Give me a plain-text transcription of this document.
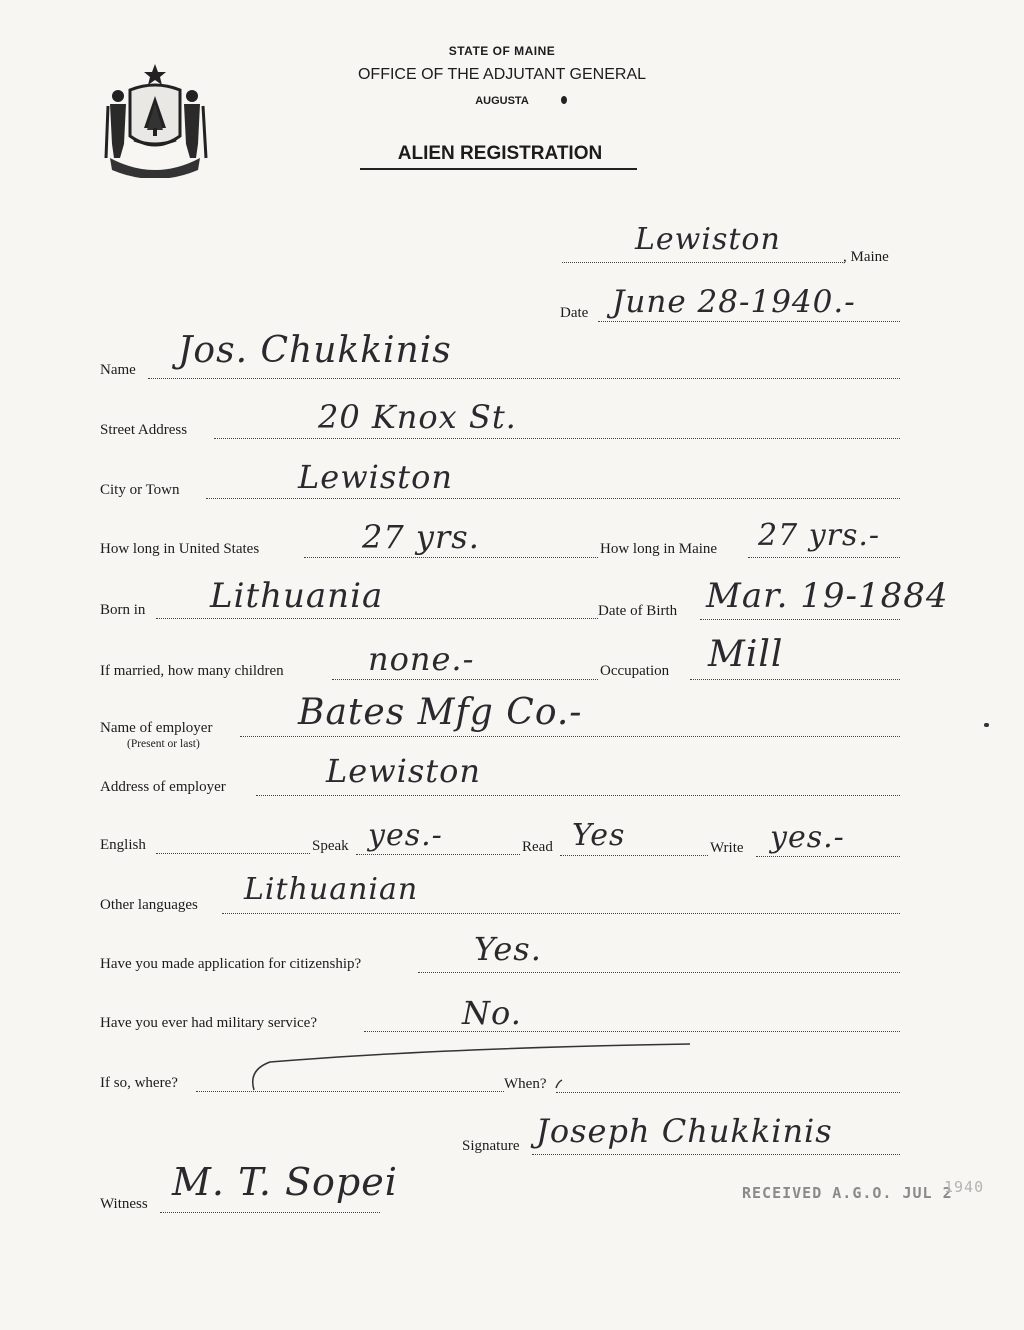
STATE OF MAINE
OFFICE OF THE ADJUTANT GENERAL
AUGUSTA
ALIEN REGISTRATION
Lewiston	, Maine
Date June 28-1940.-
Name Jos. Chukkinis
Street Address	20 Knox St.
City or Town	Lewiston
How long in United States	27 yrs.	How long in Maine 27 yrs.-
Born in Lithuania	Date of Birth Mar. 19-1884
If married, how many children	none.-	Occupation Mill
Name of employer
(Present or last)
Bates Mfg Co.-
Address of employer	Lewiston
English	Speak yes.-	Read Yes	Write yes.-
Other languages Lithuanian
Have you made application for citizenship?	Yes.
Have you ever had military service?	No.
If so, where?	When?
Signature Joseph Chukkinis
Witness M. T. Sopei	RECEIVED A.G.O. JUL 2
1940
